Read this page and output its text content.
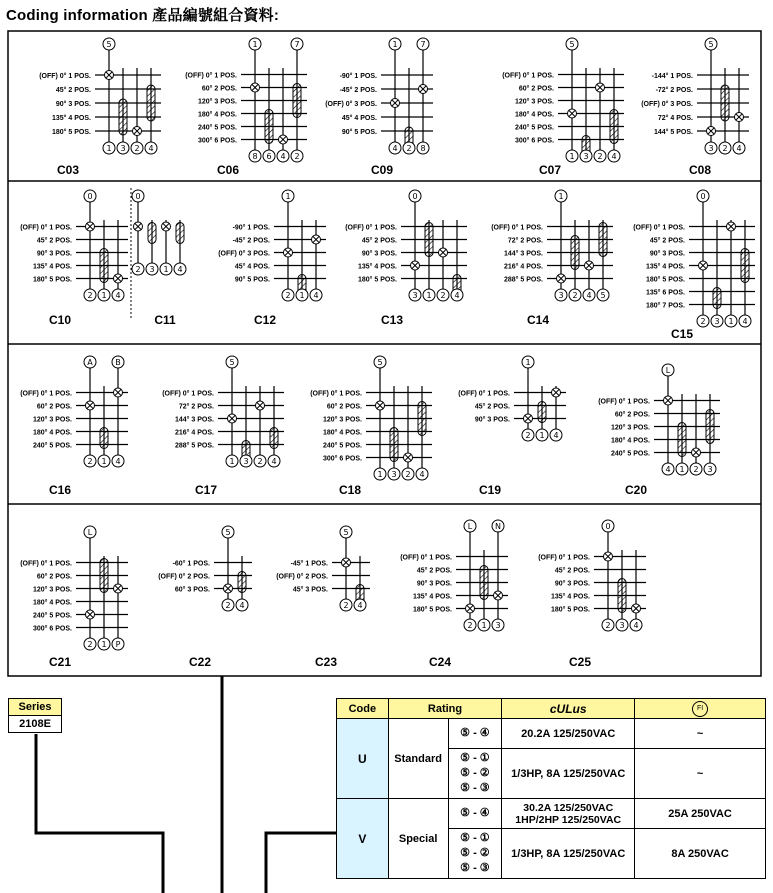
Coding information 產品編號組合資料:
5
(OFF) 0° 1 POS.
45° 2 POS.
90° 3 POS.
135° 4 POS.
180° 5 POS.
1 3 2 4
C03
1	7
(OFF) 0° 1 POS.
60° 2 POS.
120° 3 POS.
180° 4 POS.
240° 5 POS.
300° 6 POS.
8 6 4 2
C06
1	7
-90° 1 POS.
-45° 2 POS.
(OFF) 0° 3 POS.
45° 4 POS.
90° 5 POS.
4 2 8
C09
5
(OFF) 0° 1 POS.
60° 2 POS.
120° 3 POS.
180° 4 POS.
240° 5 POS.
300° 6 POS.
1 3 2 4
C07
5
-144° 1 POS.
-72° 2 POS.
(OFF) 0° 3 POS.
72° 4 POS.
144° 5 POS.
3 2 4
C08
0
(OFF) 0° 1 POS.
45° 2 POS.
90° 3 POS.
135° 4 POS.
180° 5 POS.
2 1 4
C10
0
2 3 1 4
C11
1
-90° 1 POS.
-45° 2 POS.
(OFF) 0° 3 POS.
45° 4 POS.
90° 5 POS.
2 1 4
C12
0
(OFF) 0° 1 POS.
45° 2 POS.
90° 3 POS.
135° 4 POS.
180° 5 POS.
3 1 2 4
C13
1
(OFF) 0° 1 POS.
72° 2 POS.
144° 3 POS.
216° 4 POS.
288° 5 POS.
3 2 4 5
C14
0
(OFF) 0° 1 POS.
45° 2 POS.
90° 3 POS.
135° 4 POS.
180° 5 POS.
135° 6 POS.
180° 7 POS.
2 3 1 4
C15
A	B
(OFF) 0° 1 POS.
60° 2 POS.
120° 3 POS.
180° 4 POS.
240° 5 POS.
2 1 4
C16
5
(OFF) 0° 1 POS.
72° 2 POS.
144° 3 POS.
216° 4 POS.
288° 5 POS.
1 3 2 4
C17
5
(OFF) 0° 1 POS.
60° 2 POS.
120° 3 POS.
180° 4 POS.
240° 5 POS.
300° 6 POS.
1 3 2 4
C18
1
(OFF) 0° 1 POS.
45° 2 POS.
90° 3 POS.
2 1 4
C19
L
(OFF) 0° 1 POS.
60° 2 POS.
120° 3 POS.
180° 4 POS.
240° 5 POS.
4 1 2 3
C20
L
(OFF) 0° 1 POS.
60° 2 POS.
120° 3 POS.
180° 4 POS.
240° 5 POS.
300° 6 POS.
2 1 P
C21
5
-60° 1 POS.
(OFF) 0° 2 POS.
60° 3 POS.
2 4
C22
5
-45° 1 POS.
(OFF) 0° 2 POS.
45° 3 POS.
2 4
C23
L	N
(OFF) 0° 1 POS.
45° 2 POS.
90° 3 POS.
135° 4 POS.
180° 5 POS.
2 1 3
C24
0
(OFF) 0° 1 POS.
45° 2 POS.
90° 3 POS.
135° 4 POS.
180° 5 POS.
2 3 4
C25
Series
2108E
Code	Rating		cULus	FI
U	Standard	⑤ - ④	20.2A 125/250VAC	~

		⑤ - ①
⑤ - ②
⑤ - ③	1/3HP, 8A 125/250VAC	~
V	Special	⑤ - ④	30.2A 125/250VAC 1HP/2HP 125/250VAC	25A 250VAC

		⑤ - ①
⑤ - ②
⑤ - ③	1/3HP, 8A 125/250VAC	8A 250VAC
